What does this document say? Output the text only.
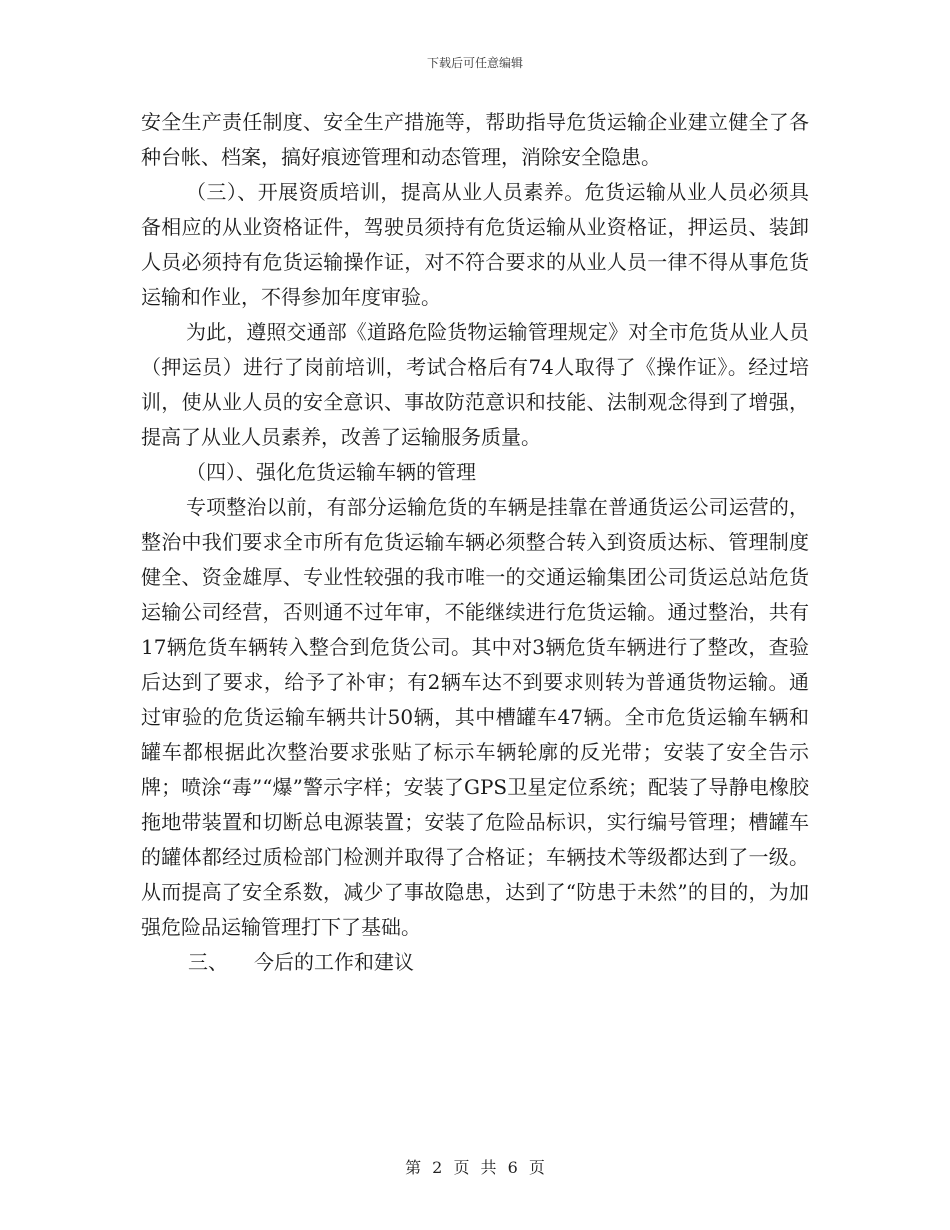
下载后可任意编辑

安全生产责任制度、安全生产措施等，帮助指导危货运输企业建立健全了各种台帐、档案，搞好痕迹管理和动态管理，消除安全隐患。

（三）、开展资质培训，提高从业人员素养。危货运输从业人员必须具备相应的从业资格证件，驾驶员须持有危货运输从业资格证，押运员、装卸人员必须持有危货运输操作证，对不符合要求的从业人员一律不得从事危货运输和作业，不得参加年度审验。

为此，遵照交通部《道路危险货物运输管理规定》对全市危货从业人员（押运员）进行了岗前培训，考试合格后有74人取得了《操作证》。经过培训，使从业人员的安全意识、事故防范意识和技能、法制观念得到了增强，提高了从业人员素养，改善了运输服务质量。

（四）、强化危货运输车辆的管理

专项整治以前，有部分运输危货的车辆是挂靠在普通货运公司运营的，整治中我们要求全市所有危货运输车辆必须整合转入到资质达标、管理制度健全、资金雄厚、专业性较强的我市唯一的交通运输集团公司货运总站危货运输公司经营，否则通不过年审，不能继续进行危货运输。通过整治，共有17辆危货车辆转入整合到危货公司。其中对3辆危货车辆进行了整改，查验后达到了要求，给予了补审；有2辆车达不到要求则转为普通货物运输。通过审验的危货运输车辆共计50辆，其中槽罐车47辆。全市危货运输车辆和罐车都根据此次整治要求张贴了标示车辆轮廓的反光带；安装了安全告示牌；喷涂“毒”“爆”警示字样；安装了GPS卫星定位系统；配装了导静电橡胶拖地带装置和切断总电源装置；安装了危险品标识，实行编号管理；槽罐车的罐体都经过质检部门检测并取得了合格证；车辆技术等级都达到了一级。从而提高了安全系数，减少了事故隐患，达到了“防患于未然”的目的，为加强危险品运输管理打下了基础。

三、 今后的工作和建议

第 2 页 共 6 页
